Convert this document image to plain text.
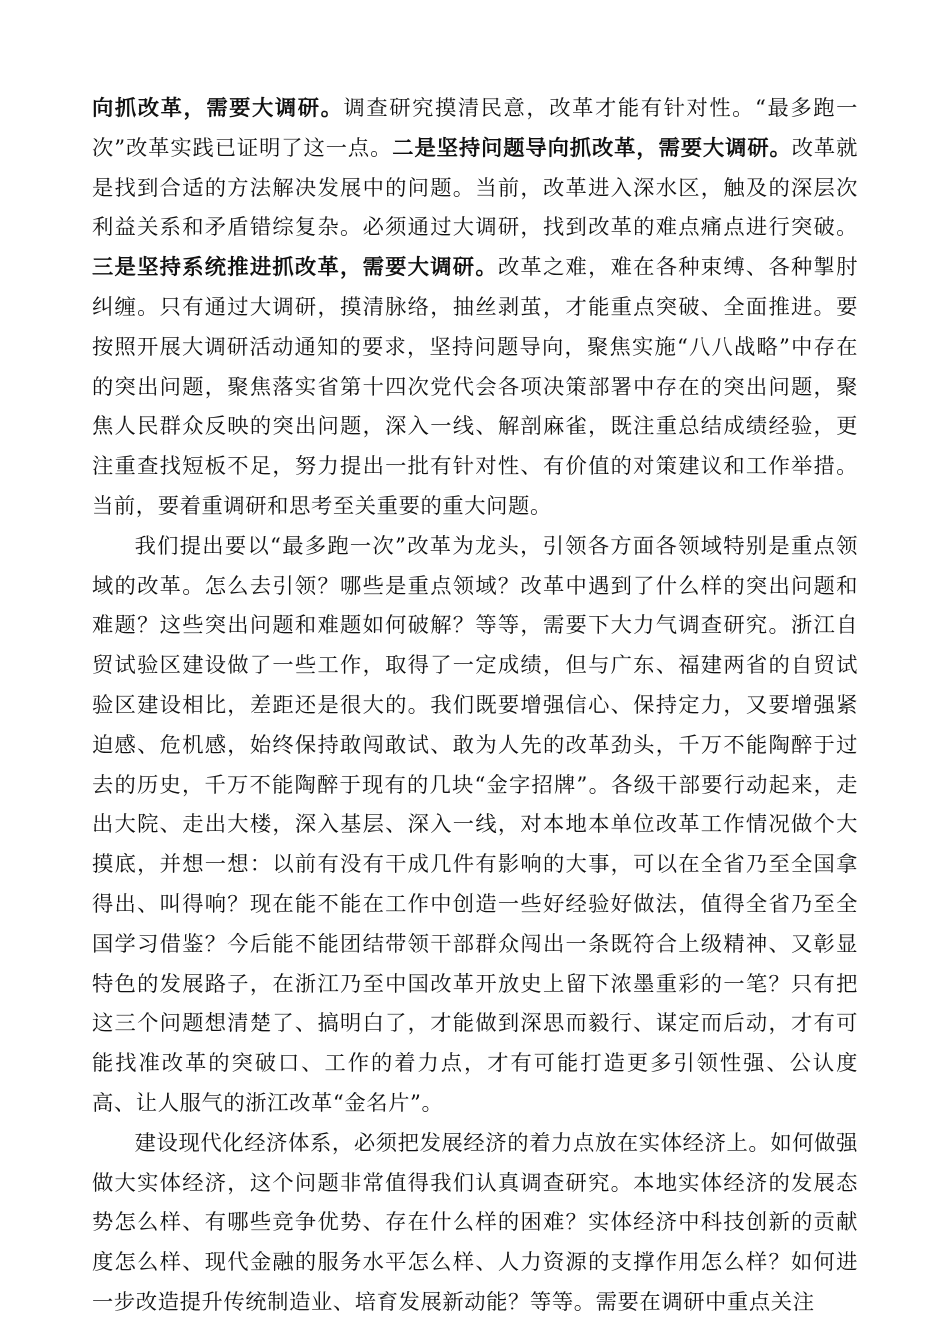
向抓改革，需要大调研。调查研究摸清民意，改革才能有针对性。“最多跑一次”改革实践已证明了这一点。二是坚持问题导向抓改革，需要大调研。改革就是找到合适的方法解决发展中的问题。当前，改革进入深水区，触及的深层次利益关系和矛盾错综复杂。必须通过大调研，找到改革的难点痛点进行突破。三是坚持系统推进抓改革，需要大调研。改革之难，难在各种束缚、各种掣肘纠缠。只有通过大调研，摸清脉络，抽丝剥茧，才能重点突破、全面推进。要按照开展大调研活动通知的要求，坚持问题导向，聚焦实施“八八战略”中存在的突出问题，聚焦落实省第十四次党代会各项决策部署中存在的突出问题，聚焦人民群众反映的突出问题，深入一线、解剖麻雀，既注重总结成绩经验，更注重查找短板不足，努力提出一批有针对性、有价值的对策建议和工作举措。当前，要着重调研和思考至关重要的重大问题。

我们提出要以“最多跑一次”改革为龙头，引领各方面各领域特别是重点领域的改革。怎么去引领？哪些是重点领域？改革中遇到了什么样的突出问题和难题？这些突出问题和难题如何破解？等等，需要下大力气调查研究。浙江自贸试验区建设做了一些工作，取得了一定成绩，但与广东、福建两省的自贸试验区建设相比，差距还是很大的。我们既要增强信心、保持定力，又要增强紧迫感、危机感，始终保持敢闯敢试、敢为人先的改革劲头，千万不能陶醉于过去的历史，千万不能陶醉于现有的几块“金字招牌”。各级干部要行动起来，走出大院、走出大楼，深入基层、深入一线，对本地本单位改革工作情况做个大摸底，并想一想：以前有没有干成几件有影响的大事，可以在全省乃至全国拿得出、叫得响？现在能不能在工作中创造一些好经验好做法，值得全省乃至全国学习借鉴？今后能不能团结带领干部群众闯出一条既符合上级精神、又彰显特色的发展路子，在浙江乃至中国改革开放史上留下浓墨重彩的一笔？只有把这三个问题想清楚了、搞明白了，才能做到深思而毅行、谋定而后动，才有可能找准改革的突破口、工作的着力点，才有可能打造更多引领性强、公认度高、让人服气的浙江改革“金名片”。

建设现代化经济体系，必须把发展经济的着力点放在实体经济上。如何做强做大实体经济，这个问题非常值得我们认真调查研究。本地实体经济的发展态势怎么样、有哪些竞争优势、存在什么样的困难？实体经济中科技创新的贡献度怎么样、现代金融的服务水平怎么样、人力资源的支撑作用怎么样？如何进一步改造提升传统制造业、培育发展新动能？等等。需要在调研中重点关注
